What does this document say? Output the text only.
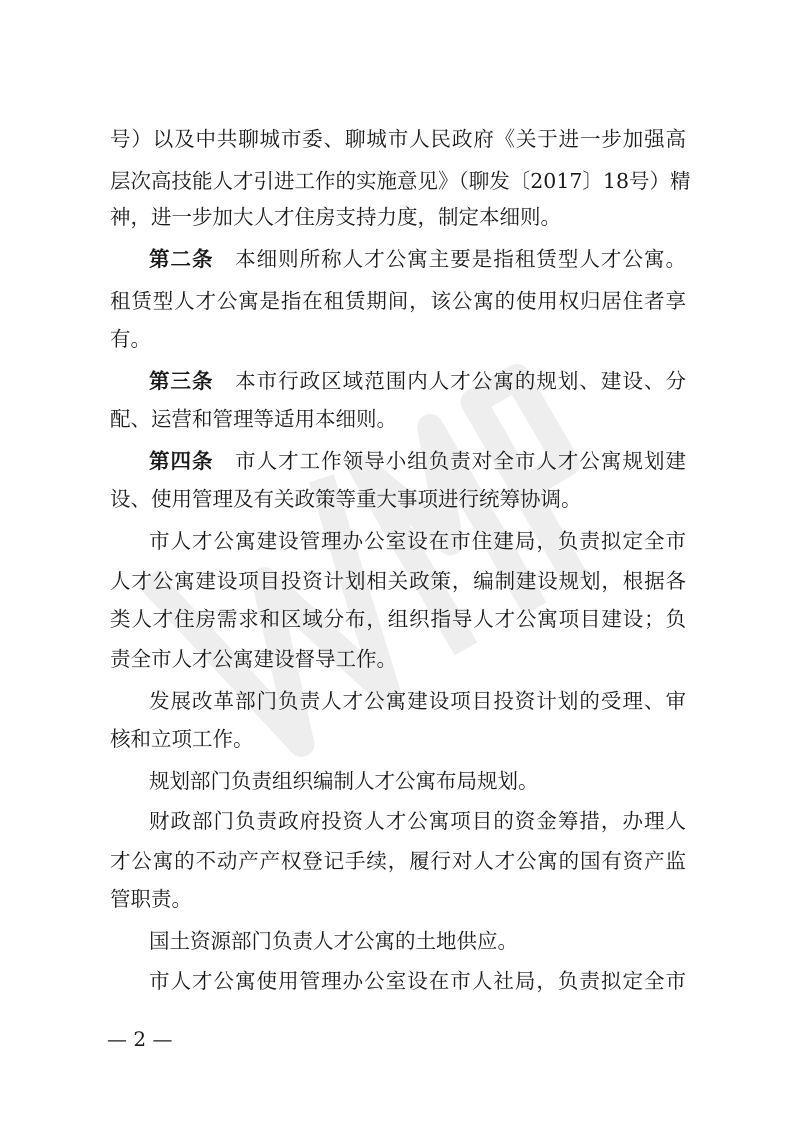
号）以及中共聊城市委、聊城市人民政府《关于进一步加强高
层次高技能人才引进工作的实施意见》（聊发〔2017〕18号）精
神，进一步加大人才住房支持力度，制定本细则。
第二条　本细则所称人才公寓主要是指租赁型人才公寓。
租赁型人才公寓是指在租赁期间，该公寓的使用权归居住者享
有。
第三条　本市行政区域范围内人才公寓的规划、建设、分
配、运营和管理等适用本细则。
第四条　市人才工作领导小组负责对全市人才公寓规划建
设、使用管理及有关政策等重大事项进行统筹协调。
市人才公寓建设管理办公室设在市住建局，负责拟定全市
人才公寓建设项目投资计划相关政策，编制建设规划，根据各
类人才住房需求和区域分布，组织指导人才公寓项目建设；负
责全市人才公寓建设督导工作。
发展改革部门负责人才公寓建设项目投资计划的受理、审
核和立项工作。
规划部门负责组织编制人才公寓布局规划。
财政部门负责政府投资人才公寓项目的资金筹措，办理人
才公寓的不动产产权登记手续，履行对人才公寓的国有资产监
管职责。
国土资源部门负责人才公寓的土地供应。
市人才公寓使用管理办公室设在市人社局，负责拟定全市
— 2 —
